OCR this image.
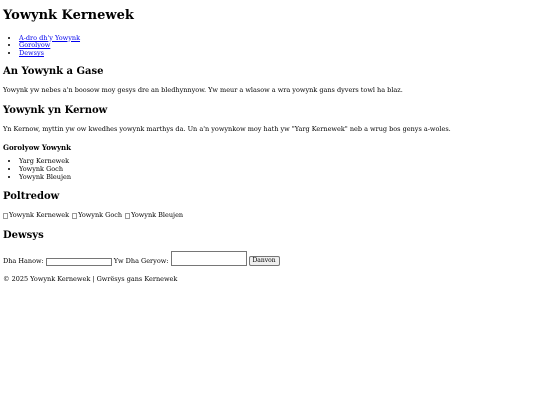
Yowynk Kernewek
• A-dro dh'y Yowynk
• Gorolyow
• Dewsys
An Yowynk a Gase

Yowynk yw nebes a'n boosow moy gesys dre an bledhynnyow. Yw meur a wlasow a wra yowynk gans dyvers towl ha blaz.

Yowynk yn Kernow

Yn Kernow, myttin yw ow kwedhes yowynk marthys da. Un a'n yowynkow moy hath yw "Yarg Kernewek" neb a wrug bos genys a-woles.

Gorolyow Yowynk
• Yarg Kernewek
• Yowynk Goch
• Yowynk Bleujen
Poltredow
Yowynk Kernewek Yowynk Goch Yowynk Bleujen
Dewsys
Dha Hanow:	Yw Dha Geryow:	Danvon
© 2025 Yowynk Kernewek | Gwrësys gans Kernewek
